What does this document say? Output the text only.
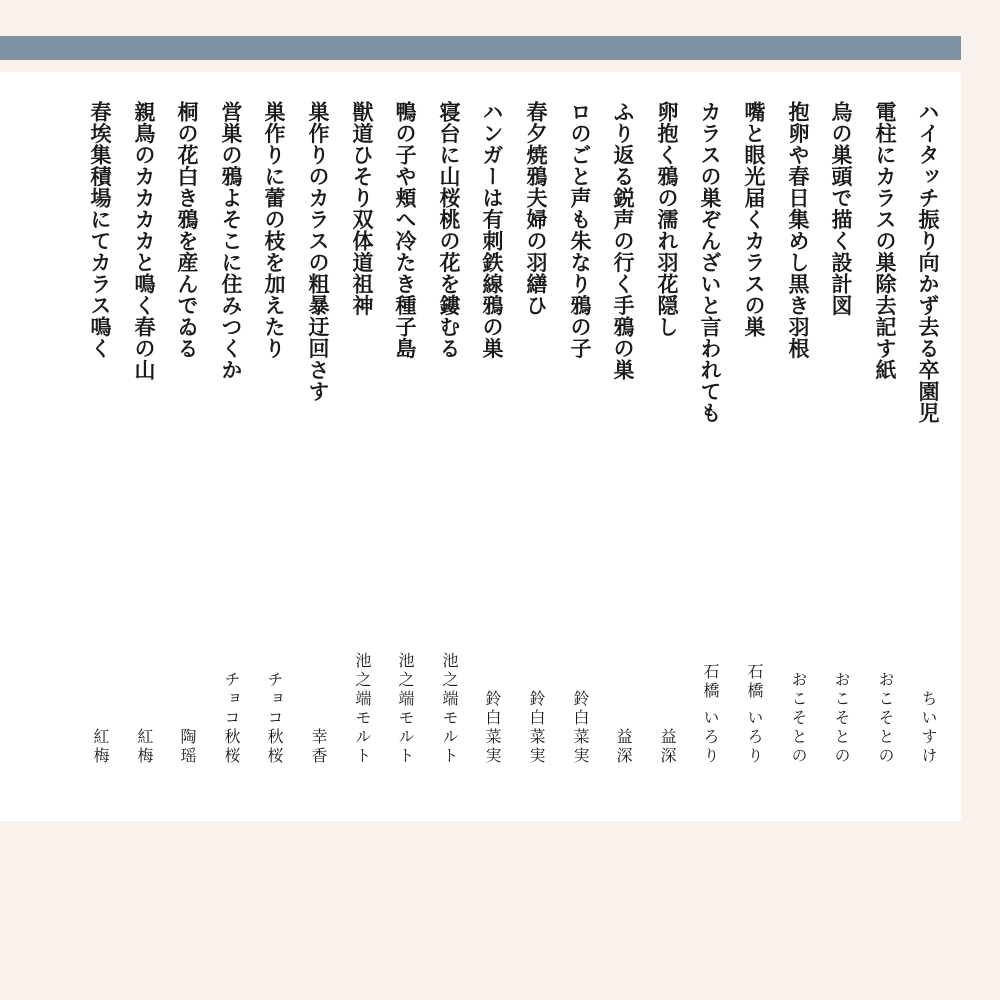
ハイタッチ振り向かず去る卒園児
ちいすけ
電柱にカラスの巣除去記す紙
おこそとの
烏の巣頭で描く設計図
おこそとの
抱卵や春日集めし黒き羽根
おこそとの
嘴と眼光届くカラスの巣
石橋 いろり
カラスの巣ぞんざいと言われても
石橋 いろり
卵抱く鴉の濡れ羽花隠し
益深
ふり返る鋭声の行く手鴉の巣
益深
ロのごと声も朱なり鴉の子
鈴白菜実
春夕焼鴉夫婦の羽繕ひ
鈴白菜実
ハンガーは有刺鉄線鴉の巣
鈴白菜実
寝台に山桜桃の花を鏤むる
池之端モルト
鴨の子や頬へ冷たき種子島
池之端モルト
獣道ひそり双体道祖神
池之端モルト
巣作りのカラスの粗暴迂回さす
幸香
巣作りに蕾の枝を加えたり
チョコ秋桜
営巣の鴉よそこに住みつくか
チョコ秋桜
桐の花白き鴉を産んでゐる
陶瑶
親鳥のカカカカと鳴く春の山
紅梅
春埃集積場にてカラス鳴く
紅梅
